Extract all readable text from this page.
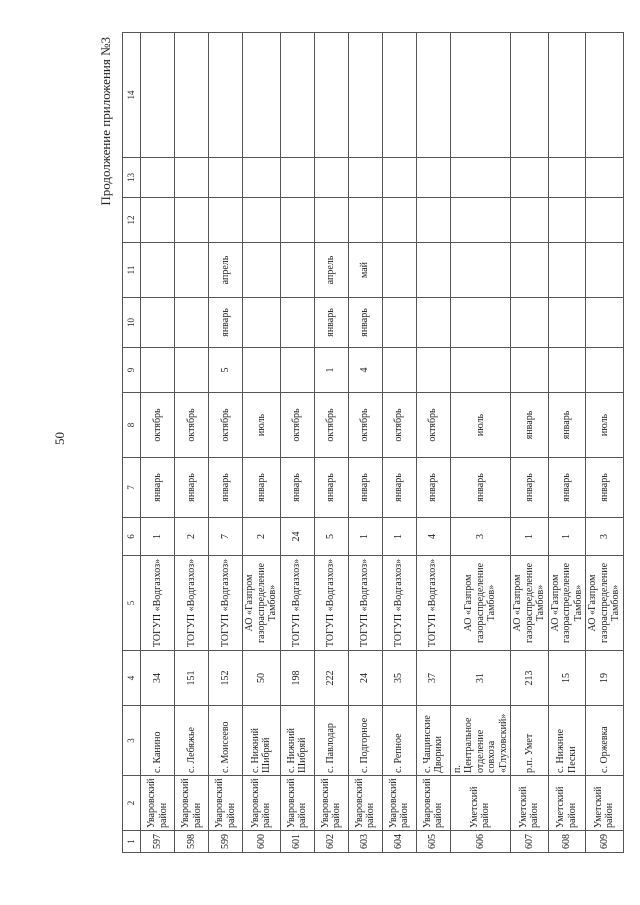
50
Продолжение приложения №3
1	2	3	4	5	6	7	8	9	10	11	12	13	14
597	Уваровский район	с. Канино	34	ТОГУП «Водгазхоз»	1	январь	октябрь						
598	Уваровский район	с. Лебяжье	151	ТОГУП «Водгазхоз»	2	январь	октябрь						
599	Уваровский район	с. Моисеево	152	ТОГУП «Водгазхоз»	7	январь	октябрь	5	январь	апрель			
600	Уваровский район	с. Нижний Шибряй	50	АО «Газпром газораспределение Тамбов»	2	январь	июль						
601	Уваровский район	с. Нижний Шибряй	198	ТОГУП «Водгазхоз»	24	январь	октябрь						
602	Уваровский район	с. Павлодар	222	ТОГУП «Водгазхоз»	5	январь	октябрь	1	январь	апрель			
603	Уваровский район	с. Подгорное	24	ТОГУП «Водгазхоз»	1	январь	октябрь	4	январь	май			
604	Уваровский район	с. Репное	35	ТОГУП «Водгазхоз»	1	январь	октябрь						
605	Уваровский район	с. Чащинские Дворики	37	ТОГУП «Водгазхоз»	4	январь	октябрь						
606	Уметский район	п. Центральное отделение совхоза «Глуховский»	31	АО «Газпром газораспределение Тамбов»	3	январь	июль						
607	Уметский район	р.п. Умет	213	АО «Газпром газораспределение Тамбов»	1	январь	январь						
608	Уметский район	с. Нижние Пески	15	АО «Газпром газораспределение Тамбов»	1	январь	январь						
609	Уметский район	с. Оржевка	19	АО «Газпром газораспределение Тамбов»	3	январь	июль						
